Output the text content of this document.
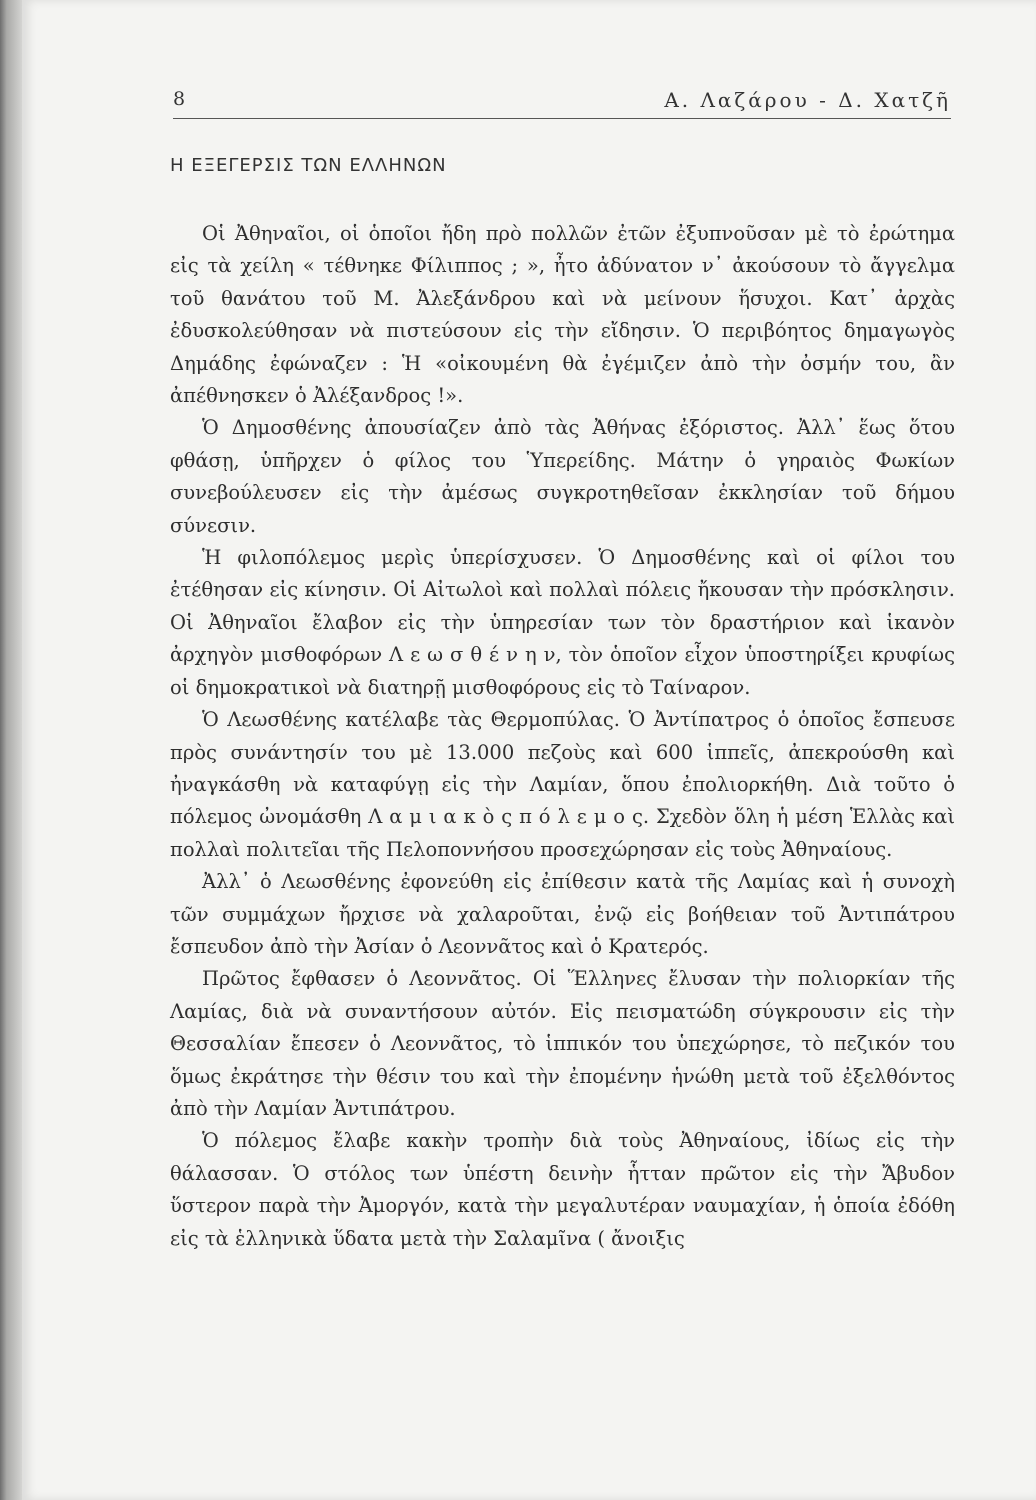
8	Α. Λαζάρου - Δ. Χατζῆ
Η ΕΞΕΓΕΡΣΙΣ ΤΩΝ ΕΛΛΗΝΩΝ

Οἱ Ἀθηναῖοι, οἱ ὁποῖοι ἤδη πρὸ πολλῶν ἐτῶν ἐξυπνοῦσαν μὲ τὸ ἐρώτημα εἰς τὰ χείλη « τέθνηκε Φίλιππος ; », ἦτο ἀδύνατον ν᾽ ἀκούσουν τὸ ἄγγελμα τοῦ θανάτου τοῦ Μ. Ἀλεξάνδρου καὶ νὰ μείνουν ἥσυχοι. Κατ᾽ ἀρχὰς ἐδυσκολεύθησαν νὰ πιστεύσουν εἰς τὴν εἴδησιν. Ὁ περιβόητος δημαγωγὸς Δημάδης ἐφώναζεν : Ἡ «οἰκουμένη θὰ ἐγέμιζεν ἀπὸ τὴν ὀσμήν του, ἂν ἀπέθνησκεν ὁ Ἀλέξανδρος !».

Ὁ Δημοσθένης ἀπουσίαζεν ἀπὸ τὰς Ἀθήνας ἐξόριστος. Ἀλλ᾽ ἕως ὅτου φθάσῃ, ὑπῆρχεν ὁ φίλος του Ὑπερείδης. Μάτην ὁ γηραιὸς Φωκίων συνεβούλευσεν εἰς τὴν ἀμέσως συγκροτηθεῖσαν ἐκκλησίαν τοῦ δήμου σύνεσιν.

Ἡ φιλοπόλεμος μερὶς ὑπερίσχυσεν. Ὁ Δημοσθένης καὶ οἱ φίλοι του ἐτέθησαν εἰς κίνησιν. Οἱ Αἰτωλοὶ καὶ πολλαὶ πόλεις ἤκουσαν τὴν πρόσκλησιν. Οἱ Ἀθηναῖοι ἔλαβον εἰς τὴν ὑπηρεσίαν των τὸν δραστήριον καὶ ἱκανὸν ἀρχηγὸν μισθοφόρων Λ ε ω σ θ έ ν η ν, τὸν ὁποῖον εἶχον ὑποστηρίξει κρυφίως οἱ δημοκρατικοὶ νὰ διατηρῇ μισθοφόρους εἰς τὸ Ταίναρον.

Ὁ Λεωσθένης κατέλαβε τὰς Θερμοπύλας. Ὁ Ἀντίπατρος ὁ ὁποῖος ἔσπευσε πρὸς συνάντησίν του μὲ 13.000 πεζοὺς καὶ 600 ἱππεῖς, ἀπεκρούσθη καὶ ἠναγκάσθη νὰ καταφύγῃ εἰς τὴν Λαμίαν, ὅπου ἐπολιορκήθη. Διὰ τοῦτο ὁ πόλεμος ὠνομάσθη Λ α μ ι α κ ὸ ς π ό λ ε μ ο ς. Σχεδὸν ὅλη ἡ μέση Ἑλλὰς καὶ πολλαὶ πολιτεῖαι τῆς Πελοποννήσου προσεχώρησαν εἰς τοὺς Ἀθηναίους.

Ἀλλ᾽ ὁ Λεωσθένης ἐφονεύθη εἰς ἐπίθεσιν κατὰ τῆς Λαμίας καὶ ἡ συνοχὴ τῶν συμμάχων ἤρχισε νὰ χαλαροῦται, ἐνῷ εἰς βοήθειαν τοῦ Ἀντιπάτρου ἔσπευδον ἀπὸ τὴν Ἀσίαν ὁ Λεοννᾶτος καὶ ὁ Κρατερός.

Πρῶτος ἔφθασεν ὁ Λεοννᾶτος. Οἱ Ἕλληνες ἔλυσαν τὴν πολιορκίαν τῆς Λαμίας, διὰ νὰ συναντήσουν αὐτόν. Εἰς πεισματώδη σύγκρουσιν εἰς τὴν Θεσσαλίαν ἔπεσεν ὁ Λεοννᾶτος, τὸ ἱππικόν του ὑπεχώρησε, τὸ πεζικόν του ὅμως ἐκράτησε τὴν θέσιν του καὶ τὴν ἐπομένην ἡνώθη μετὰ τοῦ ἐξελθόντος ἀπὸ τὴν Λαμίαν Ἀντιπάτρου.

Ὁ πόλεμος ἔλαβε κακὴν τροπὴν διὰ τοὺς Ἀθηναίους, ἰδίως εἰς τὴν θάλασσαν. Ὁ στόλος των ὑπέστη δεινὴν ἧτταν πρῶτον εἰς τὴν Ἄβυδον ὕστερον παρὰ τὴν Ἀμοργόν, κατὰ τὴν μεγαλυτέραν ναυμαχίαν, ἡ ὁποία ἐδόθη εἰς τὰ ἑλληνικὰ ὕδατα μετὰ τὴν Σαλαμῖνα ( ἄνοιξις
